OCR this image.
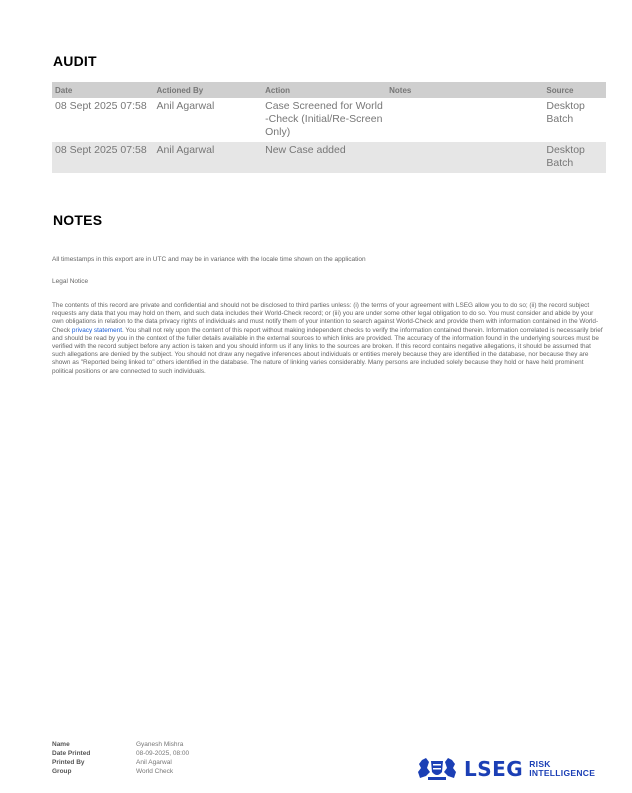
AUDIT
Date	Actioned By	Action	Notes	Source
08 Sept 2025 07:58	Anil Agarwal	Case Screened for World-Check (Initial/Re-Screen Only)		Desktop Batch
08 Sept 2025 07:58	Anil Agarwal	New Case added		Desktop Batch
NOTES
All timestamps in this export are in UTC and may be in variance with the locale time shown on the application
Legal Notice
The contents of this record are private and confidential and should not be disclosed to third parties unless: (i) the terms of your agreement with LSEG allow you to do so; (ii) the record subject requests any data that you may hold on them, and such data includes their World-Check record; or (iii) you are under some other legal obligation to do so. You must consider and abide by your own obligations in relation to the data privacy rights of individuals and must notify them of your intention to search against World-Check and provide them with information contained in the World-Check privacy statement. You shall not rely upon the content of this report without making independent checks to verify the information contained therein. Information correlated is necessarily brief and should be read by you in the context of the fuller details available in the external sources to which links are provided. The accuracy of the information found in the underlying sources must be verified with the record subject before any action is taken and you should inform us if any links to the sources are broken. If this record contains negative allegations, it should be assumed that such allegations are denied by the subject. You should not draw any negative inferences about individuals or entities merely because they are identified in the database, nor because they are shown as "Reported being linked to" others identified in the database. The nature of linking varies considerably. Many persons are included solely because they hold or have held prominent political positions or are connected to such individuals.
Name	Gyanesh Mishra
Date Printed	08-09-2025, 08:00
Printed By	Anil Agarwal
Group	World Check	LSEG RISK
INTELLIGENCE
